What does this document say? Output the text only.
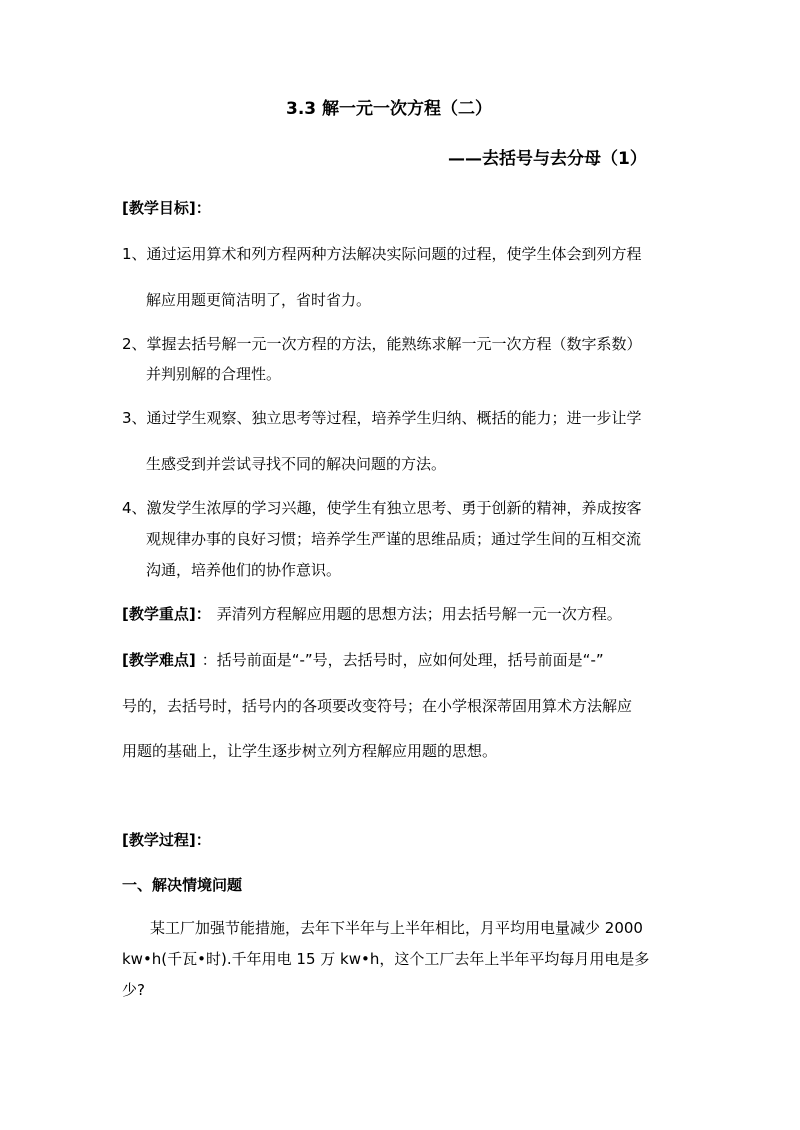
3.3 解一元一次方程（二）
——去括号与去分母（1）
[教学目标]：
1、通过运用算术和列方程两种方法解决实际问题的过程，使学生体会到列方程
解应用题更简洁明了，省时省力。
2、掌握去括号解一元一次方程的方法，能熟练求解一元一次方程（数字系数）
并判别解的合理性。
3、通过学生观察、独立思考等过程，培养学生归纳、概括的能力；进一步让学
生感受到并尝试寻找不同的解决问题的方法。
4、激发学生浓厚的学习兴趣，使学生有独立思考、勇于创新的精神，养成按客
观规律办事的良好习惯；培养学生严谨的思维品质；通过学生间的互相交流
沟通，培养他们的协作意识。
[教学重点]： 弄清列方程解应用题的思想方法；用去括号解一元一次方程。
[教学难点] ：括号前面是“-”号，去括号时，应如何处理，括号前面是“-”
号的，去括号时，括号内的各项要改变符号；在小学根深蒂固用算术方法解应
用题的基础上，让学生逐步树立列方程解应用题的思想。
[教学过程]：
一、解决情境问题
某工厂加强节能措施，去年下半年与上半年相比，月平均用电量减少 2000
kw•h(千瓦•时).千年用电 15 万 kw•h，这个工厂去年上半年平均每月用电是多
少?
